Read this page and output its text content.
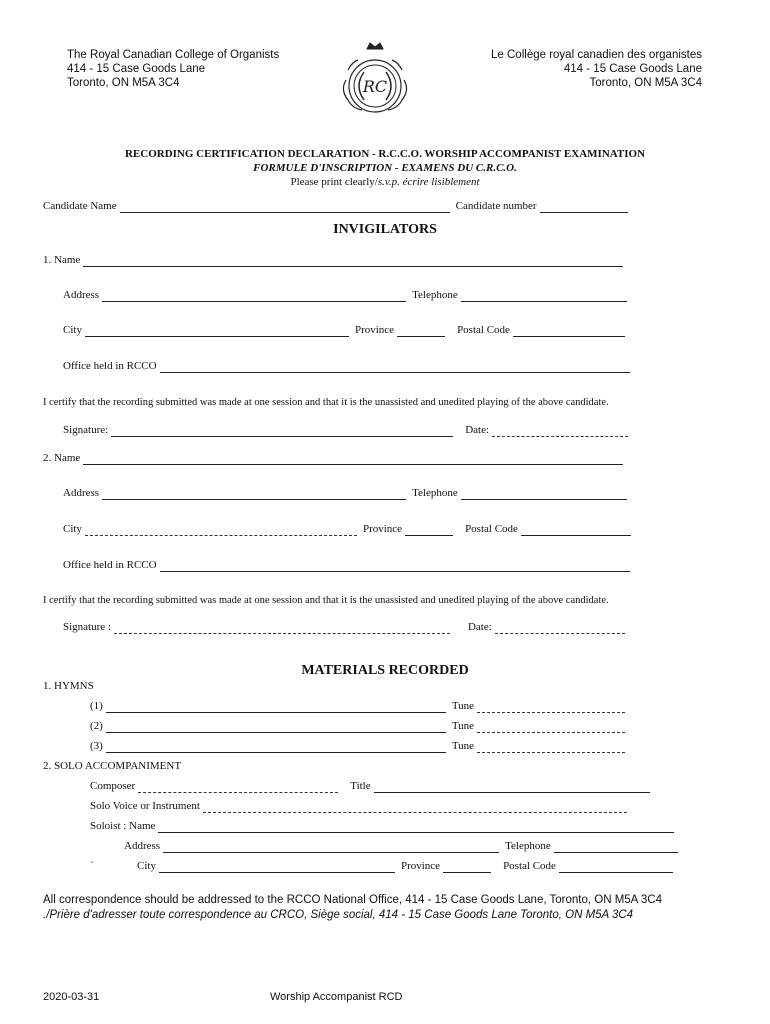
The Royal Canadian College of Organists
414 - 15 Case Goods Lane
Toronto, ON M5A 3C4	RC
Le Collège royal canadien des organistes
414 - 15 Case Goods Lane
Toronto, ON M5A 3C4
RECORDING CERTIFICATION DECLARATION - R.C.C.O. WORSHIP ACCOMPANIST EXAMINATION
FORMULE D'INSCRIPTION - EXAMENS DU C.R.C.O.
Please print clearly/s.v.p. écrire lisiblement
Candidate Name	Candidate number
INVIGILATORS
1. Name
Address	Telephone
City	Province	Postal Code
Office held in RCCO
I certify that the recording submitted was made at one session and that it is the unassisted and unedited playing of the above candidate.
Signature:	Date:
2. Name
Address	Telephone
City	Province	Postal Code
Office held in RCCO
I certify that the recording submitted was made at one session and that it is the unassisted and unedited playing of the above candidate.
Signature :	Date:
MATERIALS RECORDED
1. HYMNS
(1)	Tune
(2)	Tune
(3)	Tune
2. SOLO ACCOMPANIMENT
Composer	Title
Solo Voice or Instrument
Soloist : Name
Address	Telephone
`	City	Province	Postal Code
All correspondence should be addressed to the RCCO National Office, 414 - 15 Case Goods Lane, Toronto, ON M5A 3C4
./Prière d'adresser toute correspondence au CRCO, Siège social, 414 - 15 Case Goods Lane Toronto, ON M5A 3C4
2020-03-31	Worship Accompanist RCD
